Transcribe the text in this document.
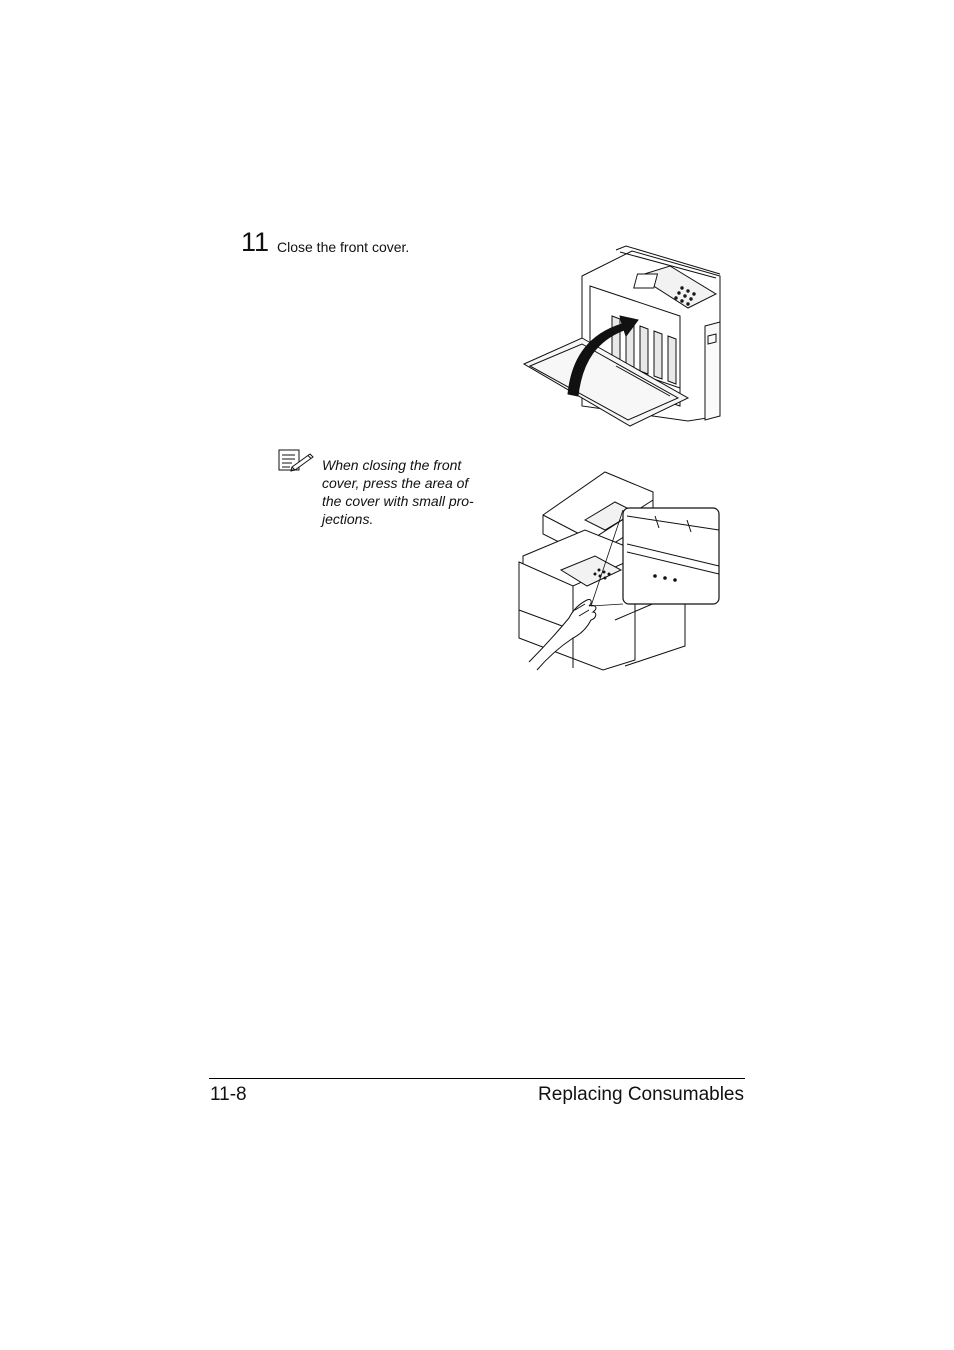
11 Close the front cover.
When closing the front
cover, press the area of
the cover with small pro-
jections.
11-8	Replacing Consumables
